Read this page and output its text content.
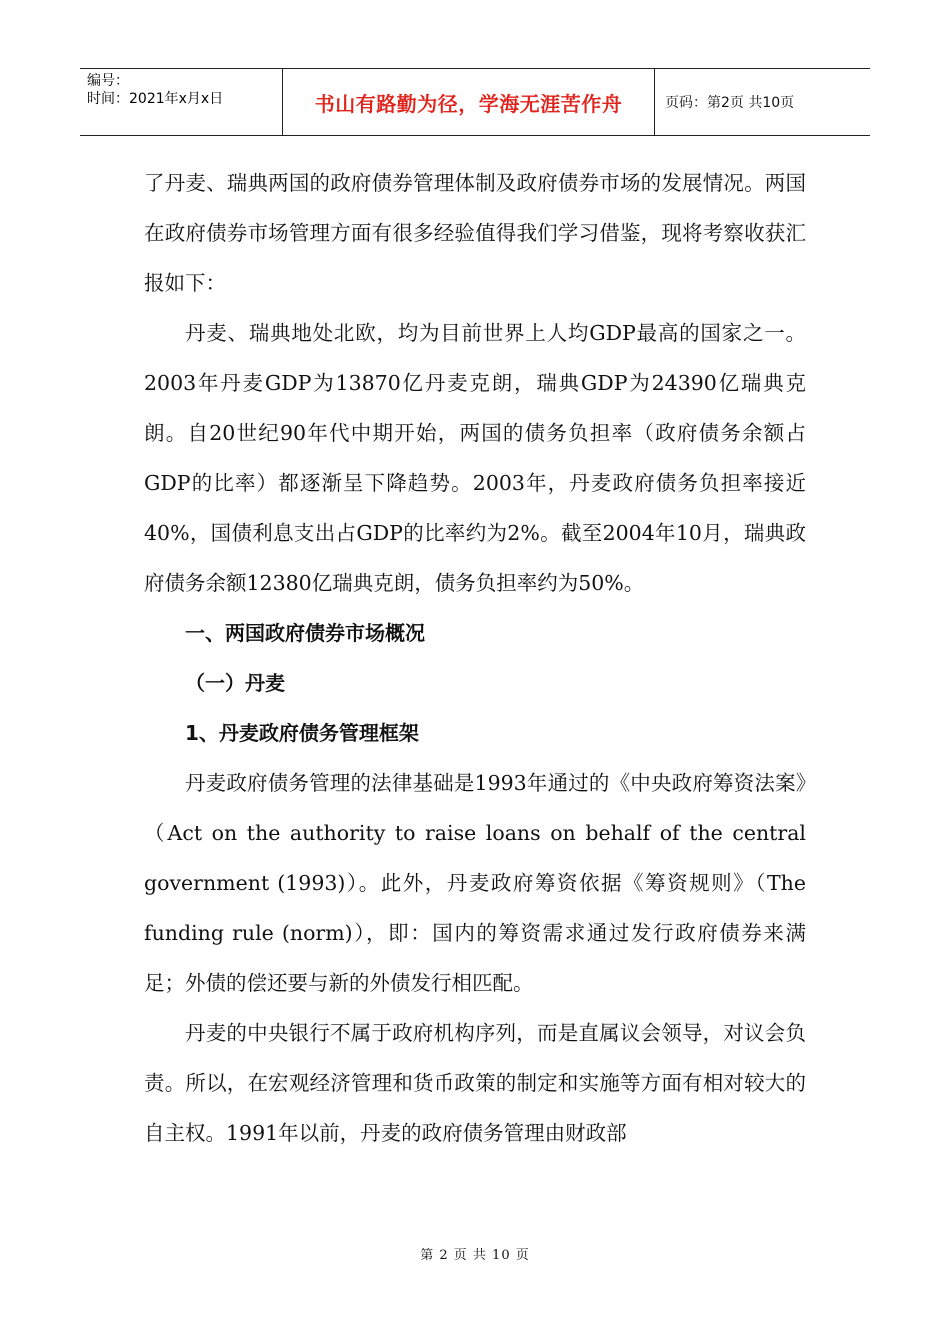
编号：
时间：2021年x月x日	书山有路勤为径，学海无涯苦作舟	页码：第2页 共10页

了丹麦、瑞典两国的政府债券管理体制及政府债券市场的发展情况。两国在政府债券市场管理方面有很多经验值得我们学习借鉴，现将考察收获汇报如下：

丹麦、瑞典地处北欧，均为目前世界上人均GDP最高的国家之一。2003年丹麦GDP为13870亿丹麦克朗，瑞典GDP为24390亿瑞典克朗。自20世纪90年代中期开始，两国的债务负担率（政府债务余额占GDP的比率）都逐渐呈下降趋势。2003年，丹麦政府债务负担率接近40%，国债利息支出占GDP的比率约为2%。截至2004年10月，瑞典政府债务余额12380亿瑞典克朗，债务负担率约为50%。

一、两国政府债券市场概况

（一）丹麦

1、丹麦政府债务管理框架

丹麦政府债务管理的法律基础是1993年通过的《中央政府筹资法案》（Act on the authority to raise loans on behalf of the central government (1993)）。此外，丹麦政府筹资依据《筹资规则》（The funding rule (norm)），即：国内的筹资需求通过发行政府债券来满足；外债的偿还要与新的外债发行相匹配。

丹麦的中央银行不属于政府机构序列，而是直属议会领导，对议会负责。所以，在宏观经济管理和货币政策的制定和实施等方面有相对较大的自主权。1991年以前，丹麦的政府债务管理由财政部

第 2 页 共 10 页
